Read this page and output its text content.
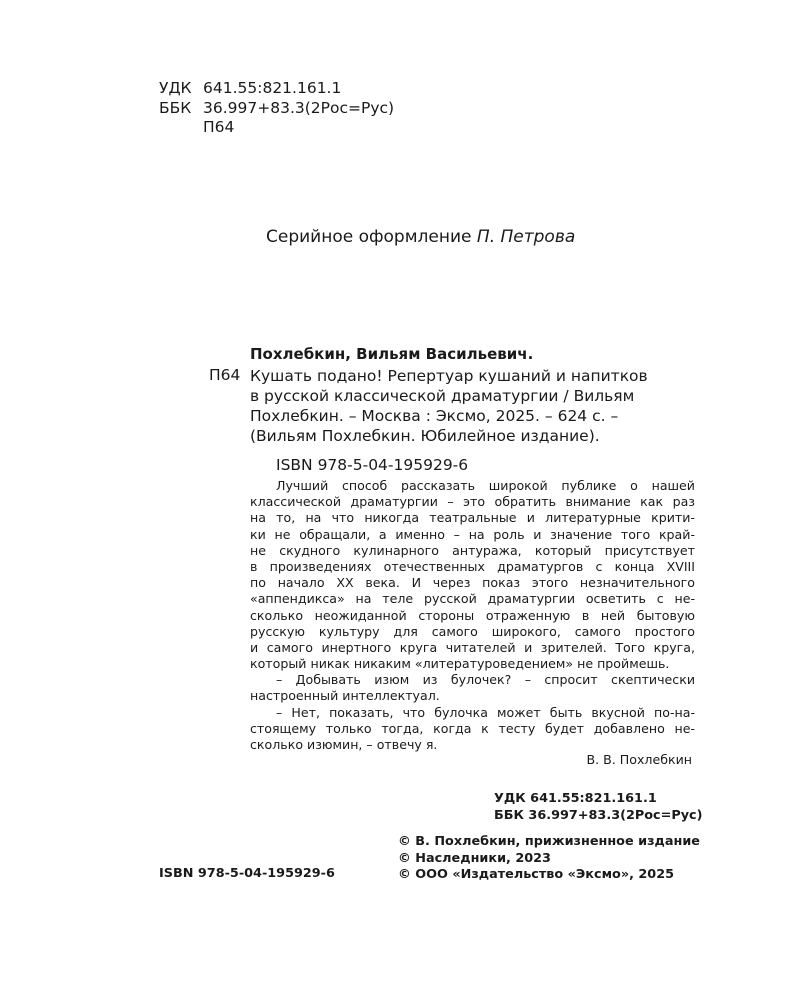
УДК 641.55:821.161.1
ББК 36.997+83.3(2Рос=Рус)
П64
Серийное оформление П. Петрова
Похлебкин, Вильям Васильевич.
П64 Кушать подано! Репертуар кушаний и напитков
в русской классической драматургии / Вильям
Похлебкин. – Москва : Эксмо, 2025. – 624 с. –
(Вильям Похлебкин. Юбилейное издание).
ISBN 978-5-04-195929-6
Лучший способ рассказать широкой публике о нашей
классической драматургии – это обратить внимание как раз
на то, на что никогда театральные и литературные крити-
ки не обращали, а именно – на роль и значение того край-
не скудного кулинарного антуража, который присутствует
в произведениях отечественных драматургов с конца XVIII
по начало XX века. И через показ этого незначительного
«аппендикса» на теле русской драматургии осветить с не-
сколько неожиданной стороны отраженную в ней бытовую
русскую культуру для самого широкого, самого простого
и самого инертного круга читателей и зрителей. Того круга,
который никак никаким «литературоведением» не проймешь.
– Добывать изюм из булочек? – спросит скептически
настроенный интеллектуал.
– Нет, показать, что булочка может быть вкусной по-на-
стоящему только тогда, когда к тесту будет добавлено не-
сколько изюмин, – отвечу я.
В. В. Похлебкин
УДК 641.55:821.161.1
ББК 36.997+83.3(2Рос=Рус)
ISBN 978-5-04-195929-6
© В. Похлебкин, прижизненное издание
© Наследники, 2023
© ООО «Издательство «Эксмо», 2025
